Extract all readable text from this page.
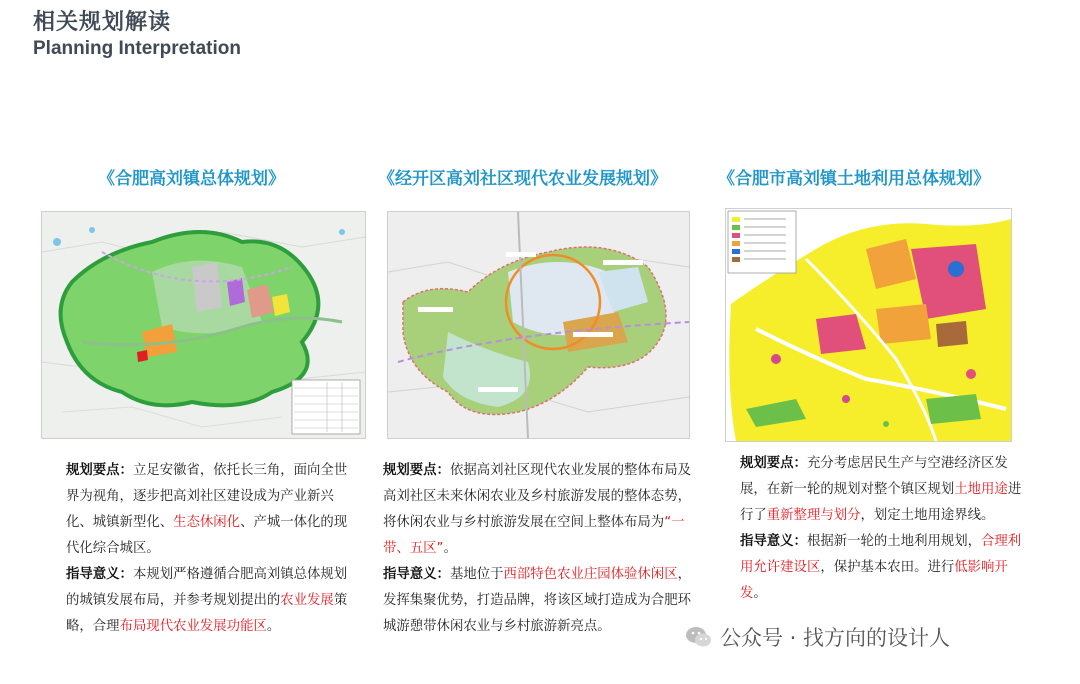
相关规划解读
Planning Interpretation
《合肥高刘镇总体规划》	《经开区高刘社区现代农业发展规划》	《合肥市高刘镇土地利用总体规划》

规划要点：立足安徽省，依托长三角，面向全世界为视角，逐步把高刘社区建设成为产业新兴化、城镇新型化、生态休闲化、产城一体化的现代化综合城区。

指导意义：本规划严格遵循合肥高刘镇总体规划的城镇发展布局，并参考规划提出的农业发展策略，合理布局现代农业发展功能区。

规划要点：依据高刘社区现代农业发展的整体布局及高刘社区未来休闲农业及乡村旅游发展的整体态势，将休闲农业与乡村旅游发展在空间上整体布局为“一带、五区”。

指导意义：基地位于西部特色农业庄园体验休闲区，发挥集聚优势，打造品牌，将该区域打造成为合肥环城游憩带休闲农业与乡村旅游新亮点。

规划要点：充分考虑居民生产与空港经济区发展，在新一轮的规划对整个镇区规划土地用途进行了重新整理与划分，划定土地用途界线。

指导意义：根据新一轮的土地利用规划，合理利用允许建设区，保护基本农田。进行低影响开发。

公众号 · 找方向的设计人
